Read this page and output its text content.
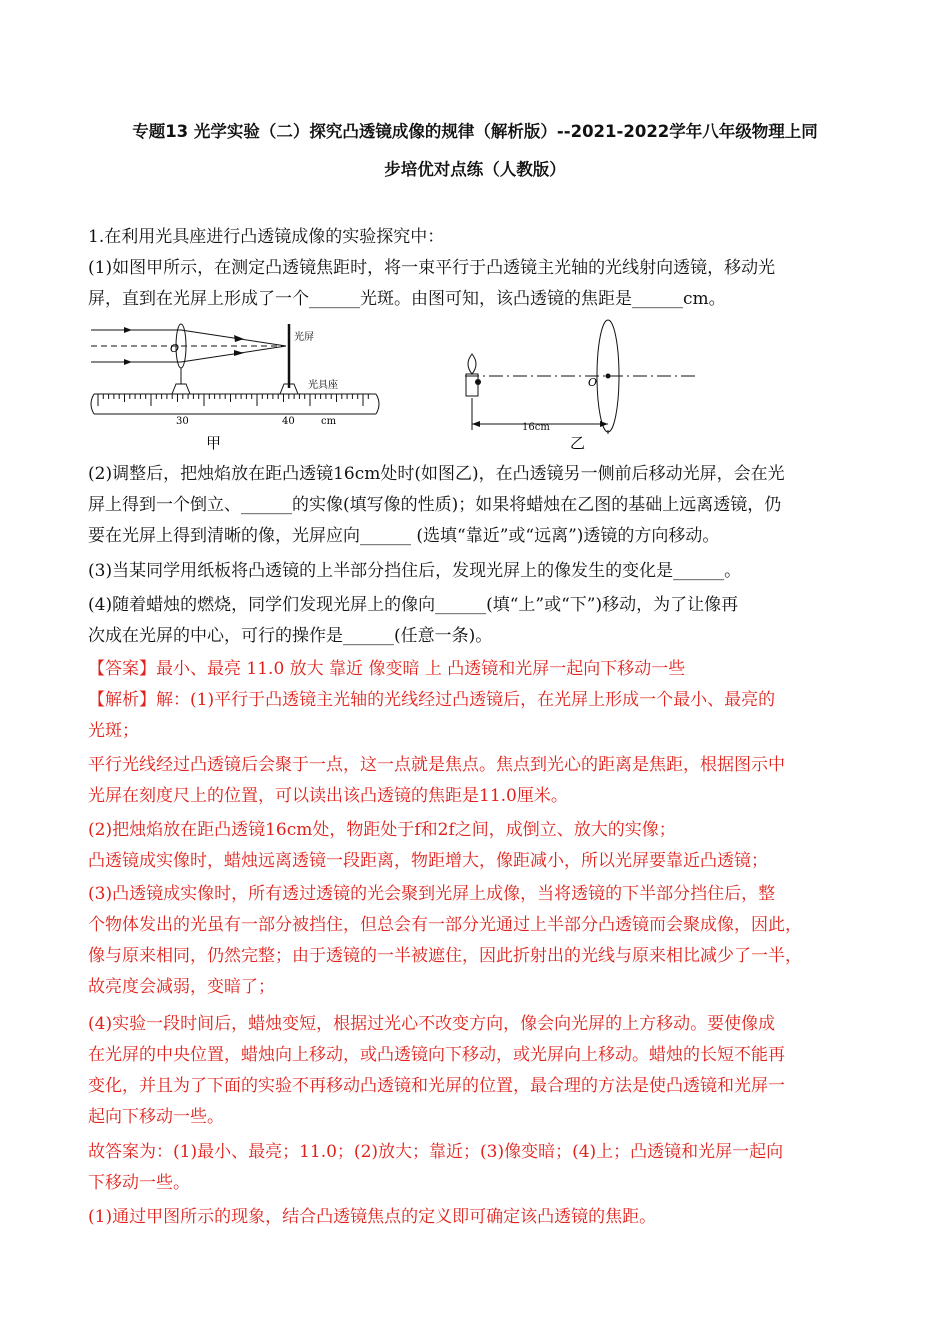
专题13 光学实验（二）探究凸透镜成像的规律（解析版）--2021-2022学年八年级物理上同
步培优对点练（人教版）
1.在利用光具座进行凸透镜成像的实验探究中：
(1)如图甲所示，在测定凸透镜焦距时，将一束平行于凸透镜主光轴的光线射向透镜，移动光
屏，直到在光屏上形成了一个______光斑。由图可知，该凸透镜的焦距是______cm。
O
光屏
光具座
30	40	cm
甲
O
16cm
乙
(2)调整后，把烛焰放在距凸透镜16cm处时(如图乙)，在凸透镜另一侧前后移动光屏，会在光
屏上得到一个倒立、______的实像(填写像的性质)；如果将蜡烛在乙图的基础上远离透镜，仍
要在光屏上得到清晰的像，光屏应向______ (选填“靠近”或“远离”)透镜的方向移动。
(3)当某同学用纸板将凸透镜的上半部分挡住后，发现光屏上的像发生的变化是______。
(4)随着蜡烛的燃烧，同学们发现光屏上的像向______(填“上”或“下”)移动，为了让像再
次成在光屏的中心，可行的操作是______(任意一条)。
【答案】最小、最亮 11.0 放大 靠近 像变暗 上 凸透镜和光屏一起向下移动一些
【解析】解：(1)平行于凸透镜主光轴的光线经过凸透镜后，在光屏上形成一个最小、最亮的
光斑；
平行光线经过凸透镜后会聚于一点，这一点就是焦点。焦点到光心的距离是焦距，根据图示中
光屏在刻度尺上的位置，可以读出该凸透镜的焦距是11.0厘米。
(2)把烛焰放在距凸透镜16cm处，物距处于f和2f之间，成倒立、放大的实像；
凸透镜成实像时，蜡烛远离透镜一段距离，物距增大，像距减小，所以光屏要靠近凸透镜；
(3)凸透镜成实像时，所有透过透镜的光会聚到光屏上成像，当将透镜的下半部分挡住后，整
个物体发出的光虽有一部分被挡住，但总会有一部分光通过上半部分凸透镜而会聚成像，因此，
像与原来相同，仍然完整；由于透镜的一半被遮住，因此折射出的光线与原来相比减少了一半，
故亮度会减弱，变暗了；
(4)实验一段时间后，蜡烛变短，根据过光心不改变方向，像会向光屏的上方移动。要使像成
在光屏的中央位置，蜡烛向上移动，或凸透镜向下移动，或光屏向上移动。蜡烛的长短不能再
变化，并且为了下面的实验不再移动凸透镜和光屏的位置，最合理的方法是使凸透镜和光屏一
起向下移动一些。
故答案为：(1)最小、最亮；11.0；(2)放大；靠近；(3)像变暗；(4)上；凸透镜和光屏一起向
下移动一些。
(1)通过甲图所示的现象，结合凸透镜焦点的定义即可确定该凸透镜的焦距。
